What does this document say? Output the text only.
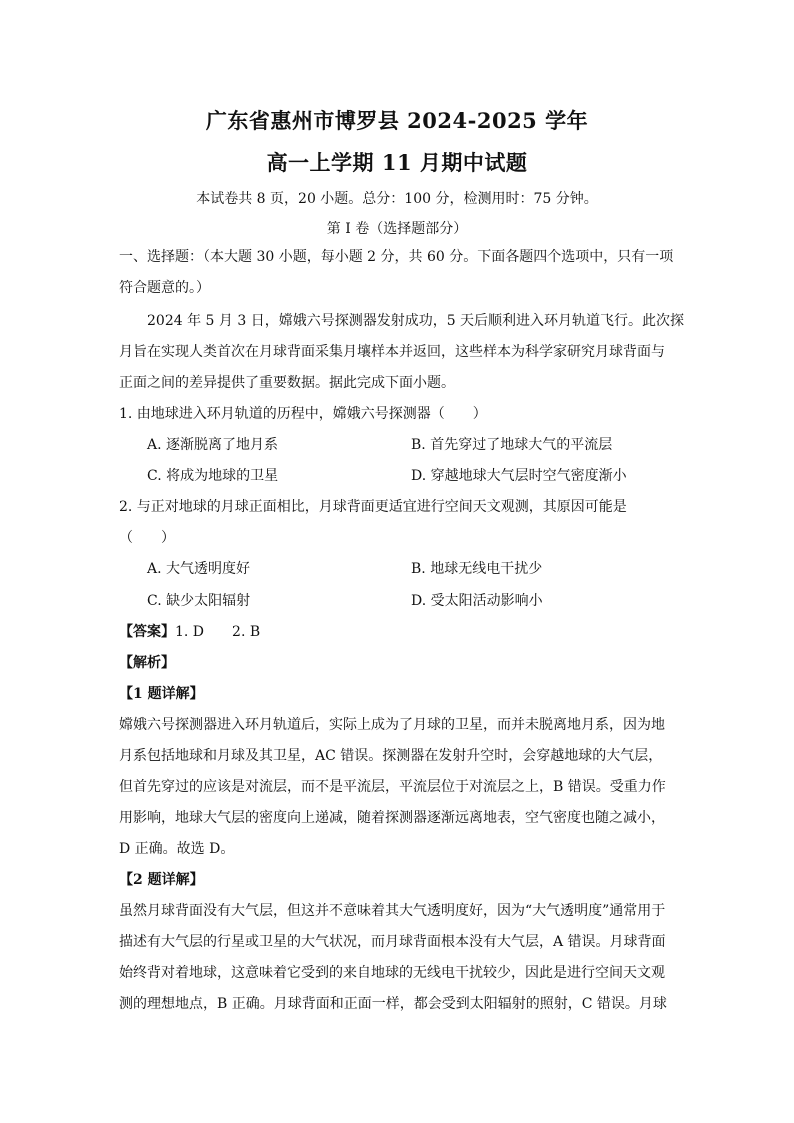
广东省惠州市博罗县 2024-2025 学年
高一上学期 11 月期中试题
本试卷共 8 页，20 小题。总分：100 分，检测用时：75 分钟。
第 I 卷（选择题部分）
一、选择题：（本大题 30 小题，每小题 2 分，共 60 分。下面各题四个选项中，只有一项
符合题意的。）
2024 年 5 月 3 日，嫦娥六号探测器发射成功，5 天后顺利进入环月轨道飞行。此次探
月旨在实现人类首次在月球背面采集月壤样本并返回，这些样本为科学家研究月球背面与
正面之间的差异提供了重要数据。据此完成下面小题。
1. 由地球进入环月轨道的历程中，嫦娥六号探测器（　　）
A. 逐渐脱离了地月系	B. 首先穿过了地球大气的平流层
C. 将成为地球的卫星	D. 穿越地球大气层时空气密度渐小
2. 与正对地球的月球正面相比，月球背面更适宜进行空间天文观测，其原因可能是
（　　）
A. 大气透明度好	B. 地球无线电干扰少
C. 缺少太阳辐射	D. 受太阳活动影响小
【答案】1. D 2. B
【解析】
【1 题详解】
嫦娥六号探测器进入环月轨道后，实际上成为了月球的卫星，而并未脱离地月系，因为地
月系包括地球和月球及其卫星，AC 错误。探测器在发射升空时，会穿越地球的大气层，
但首先穿过的应该是对流层，而不是平流层，平流层位于对流层之上，B 错误。受重力作
用影响，地球大气层的密度向上递减，随着探测器逐渐远离地表，空气密度也随之减小，
D 正确。故选 D。
【2 题详解】
虽然月球背面没有大气层，但这并不意味着其大气透明度好，因为“大气透明度”通常用于
描述有大气层的行星或卫星的大气状况，而月球背面根本没有大气层，A 错误。月球背面
始终背对着地球，这意味着它受到的来自地球的无线电干扰较少，因此是进行空间天文观
测的理想地点，B 正确。月球背面和正面一样，都会受到太阳辐射的照射，C 错误。月球
